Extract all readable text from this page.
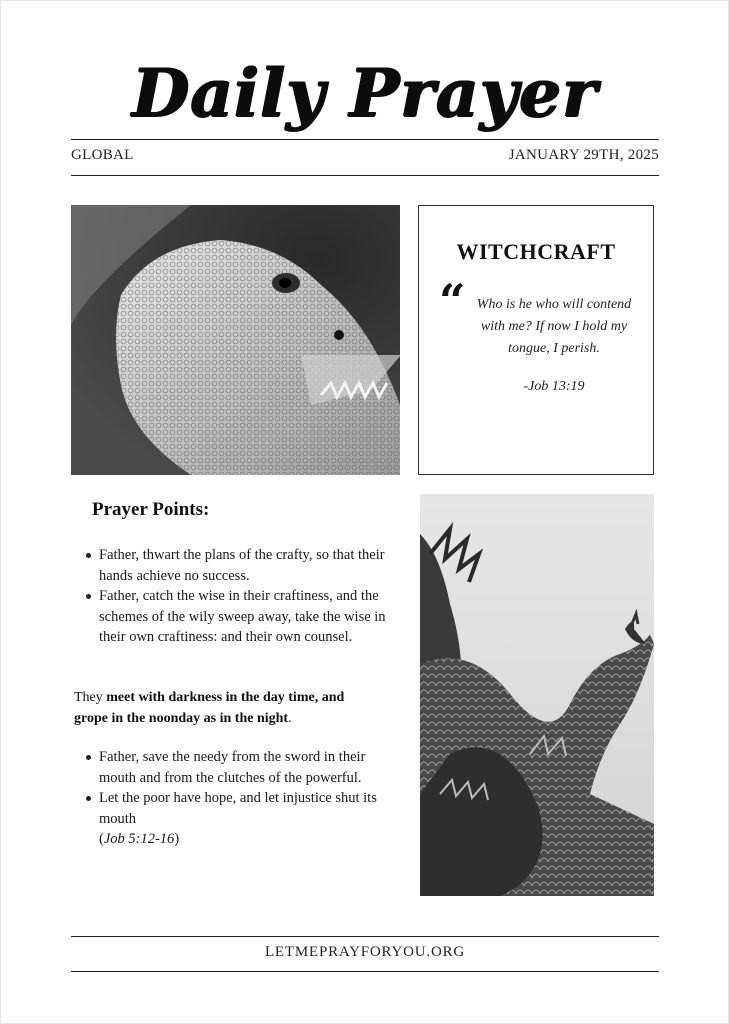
Daily Prayer
GLOBAL	JANUARY 29TH, 2025
WITCHCRAFT
“ Who is he who will contend with me? If now I hold my tongue, I perish.
-Job 13:19
Prayer Points:
Father, thwart the plans of the crafty, so that their hands achieve no success.
Father, catch the wise in their craftiness, and the schemes of the wily sweep away, take the wise in their own craftiness: and their own counsel.
They meet with darkness in the day time, and grope in the noonday as in the night.
Father, save the needy from the sword in their mouth and from the clutches of the powerful.
Let the poor have hope, and let injustice shut its mouth
(Job 5:12-16)
LETMEPRAYFORYOU.ORG
